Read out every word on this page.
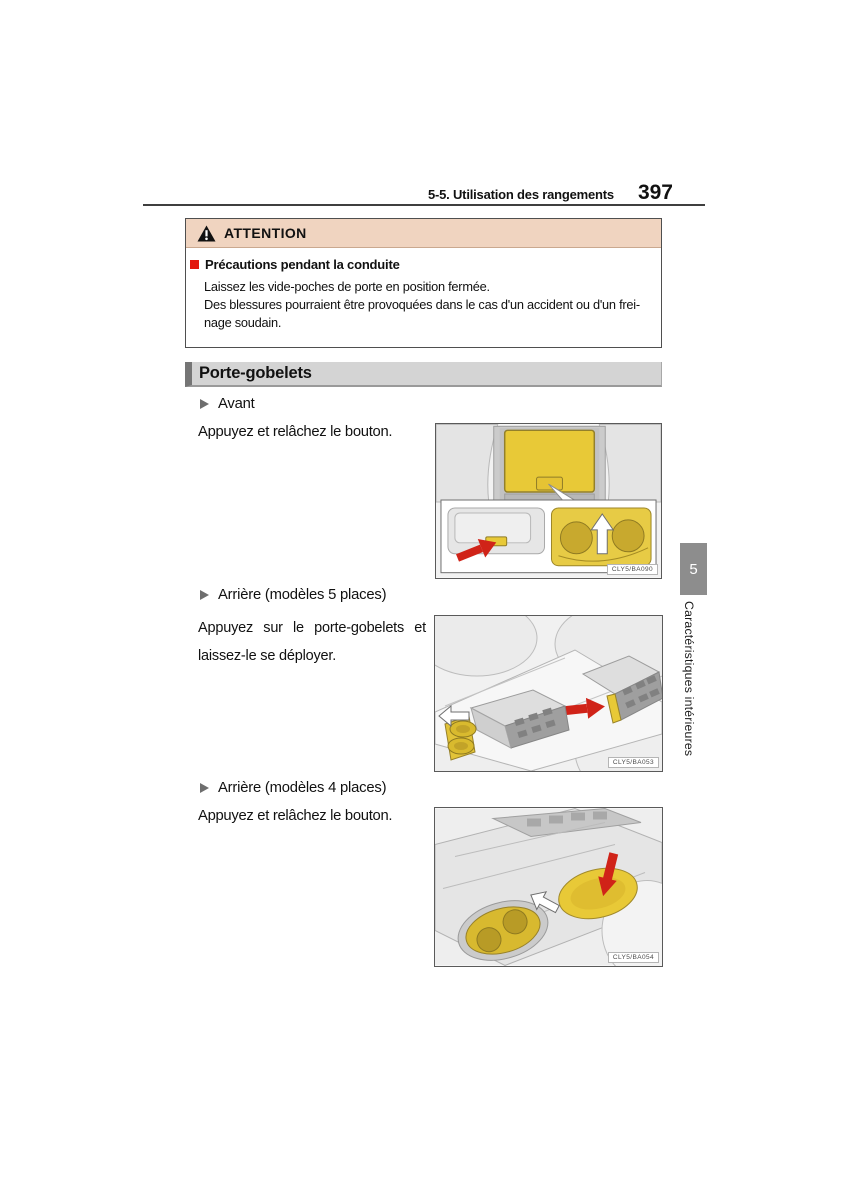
5-5. Utilisation des rangements 397
ATTENTION
Précautions pendant la conduite
Laissez les vide-poches de porte en position fermée.
Des blessures pourraient être provoquées dans le cas d'un accident ou d'un frei-
nage soudain.
Porte-gobelets
Avant
Appuyez et relâchez le bouton.
CLY5/BA090
Arrière (modèles 5 places)
Appuyez sur le porte-gobelets et
laissez-le se déployer.
CLY5/BA053
Arrière (modèles 4 places)
Appuyez et relâchez le bouton.
CLY5/BA054
5
Caractéristiques intérieures
